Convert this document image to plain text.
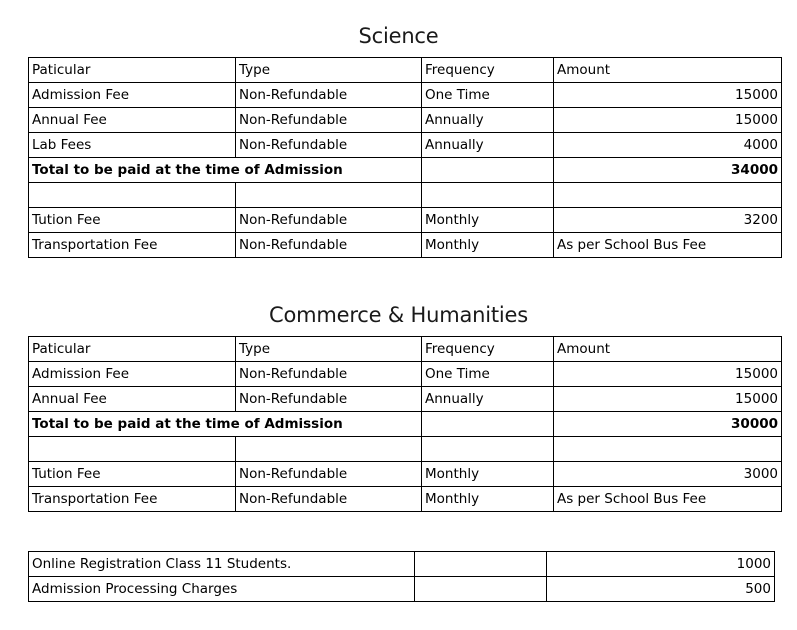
Science
Paticular	Type	Frequency	Amount
Admission Fee	Non-Refundable	One Time	15000
Annual Fee	Non-Refundable	Annually	15000
Lab Fees	Non-Refundable	Annually	4000
Total to be paid at the time of Admission			34000

Tution Fee	Non-Refundable	Monthly	3200
Transportation Fee	Non-Refundable	Monthly	As per School Bus Fee
Commerce & Humanities
Paticular	Type	Frequency	Amount
Admission Fee	Non-Refundable	One Time	15000
Annual Fee	Non-Refundable	Annually	15000
Total to be paid at the time of Admission			30000

Tution Fee	Non-Refundable	Monthly	3000
Transportation Fee	Non-Refundable	Monthly	As per School Bus Fee
Online Registration Class 11 Students.		1000
Admission Processing Charges		500
